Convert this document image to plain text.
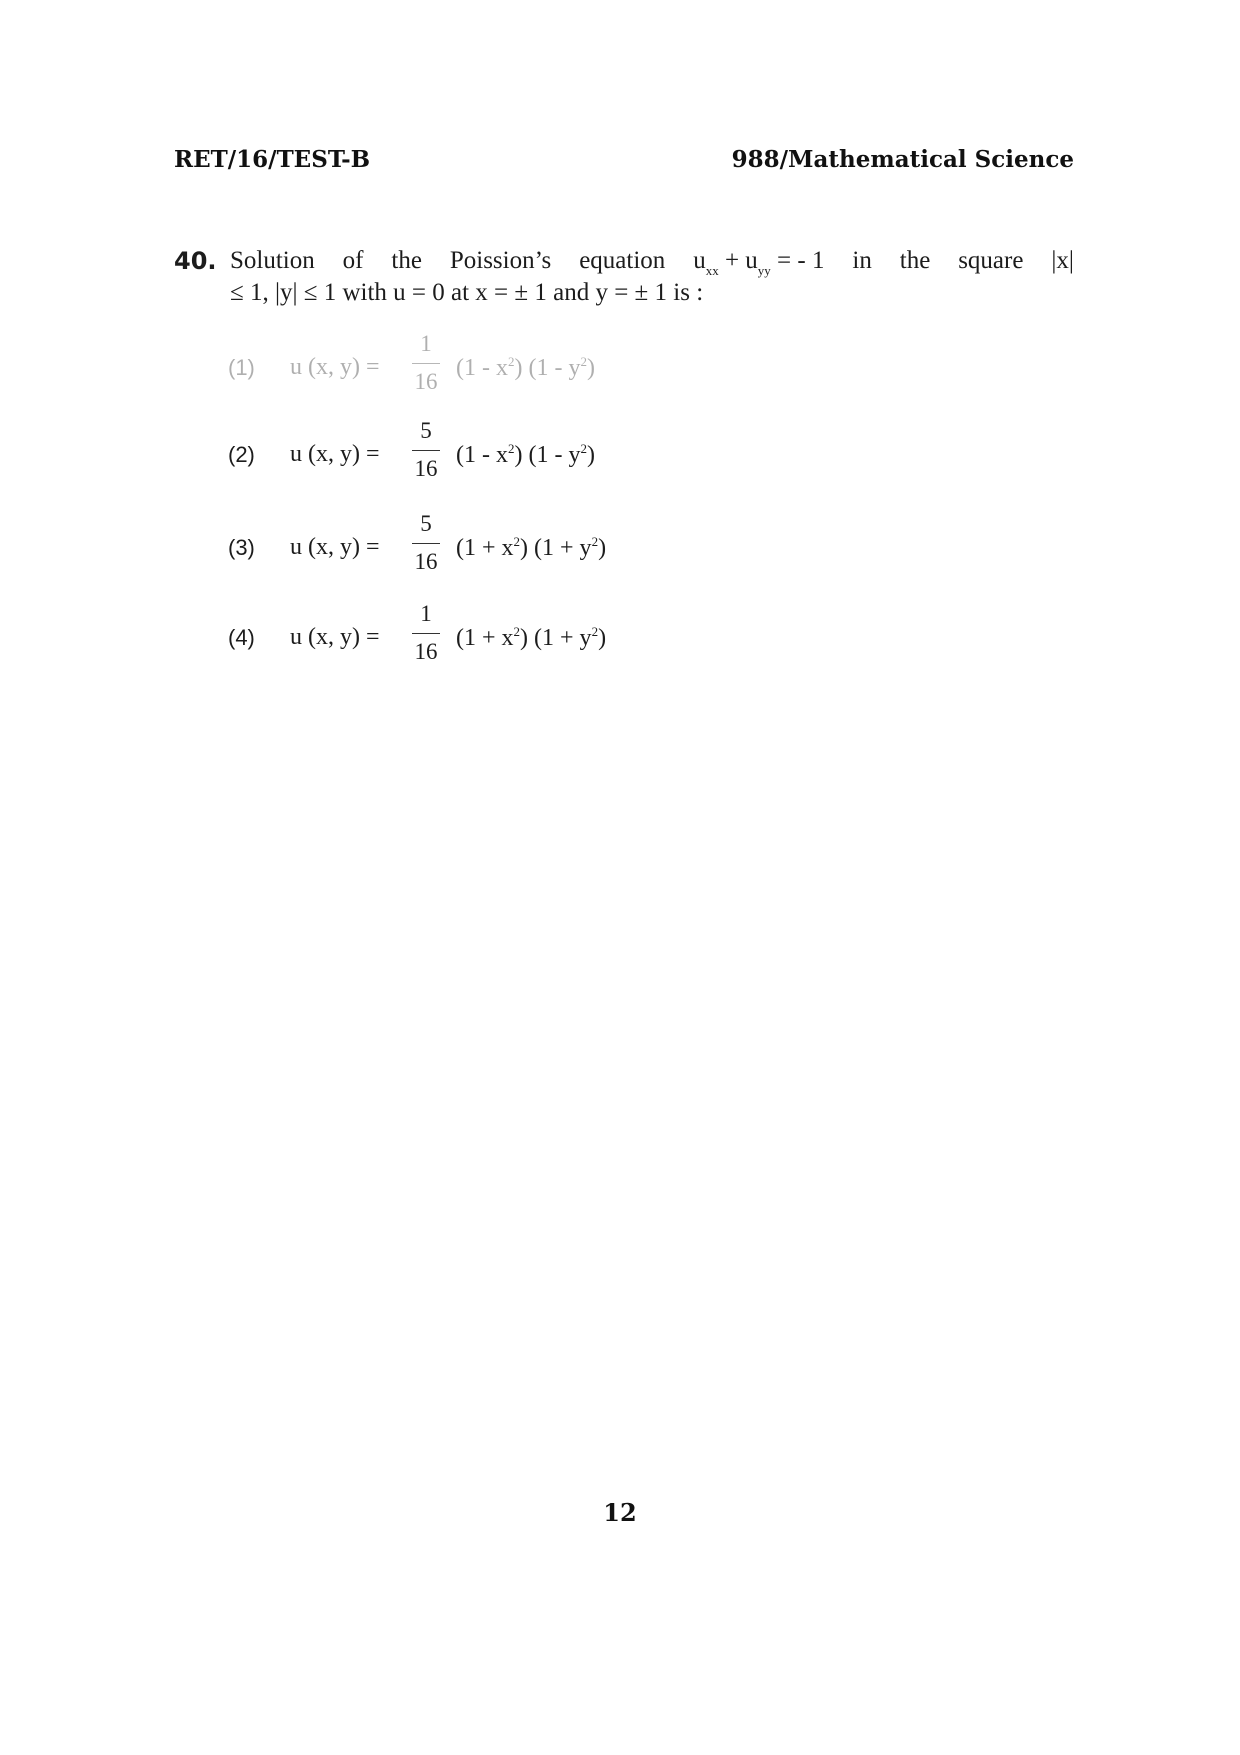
RET/16/TEST-B	988/Mathematical Science
40. Solution of the Poission’s equation $u_{xx} + u_{yy}$ = - 1 in the square |x|
≤ 1, |y| ≤ 1 with u = 0 at x = ± 1 and y = ± 1 is :
(1) u (x, y) =
1
16
$(1 - x^2)$ $(1 - y^2)$
(2) u (x, y) =
5
16
$(1 - x^2)$ $(1 - y^2)$
(3) u (x, y) =
5
16
$(1 + x^2)$ $(1 + y^2)$
(4) u (x, y) =
1
16
$(1 + x^2)$ $(1 + y^2)$
12
